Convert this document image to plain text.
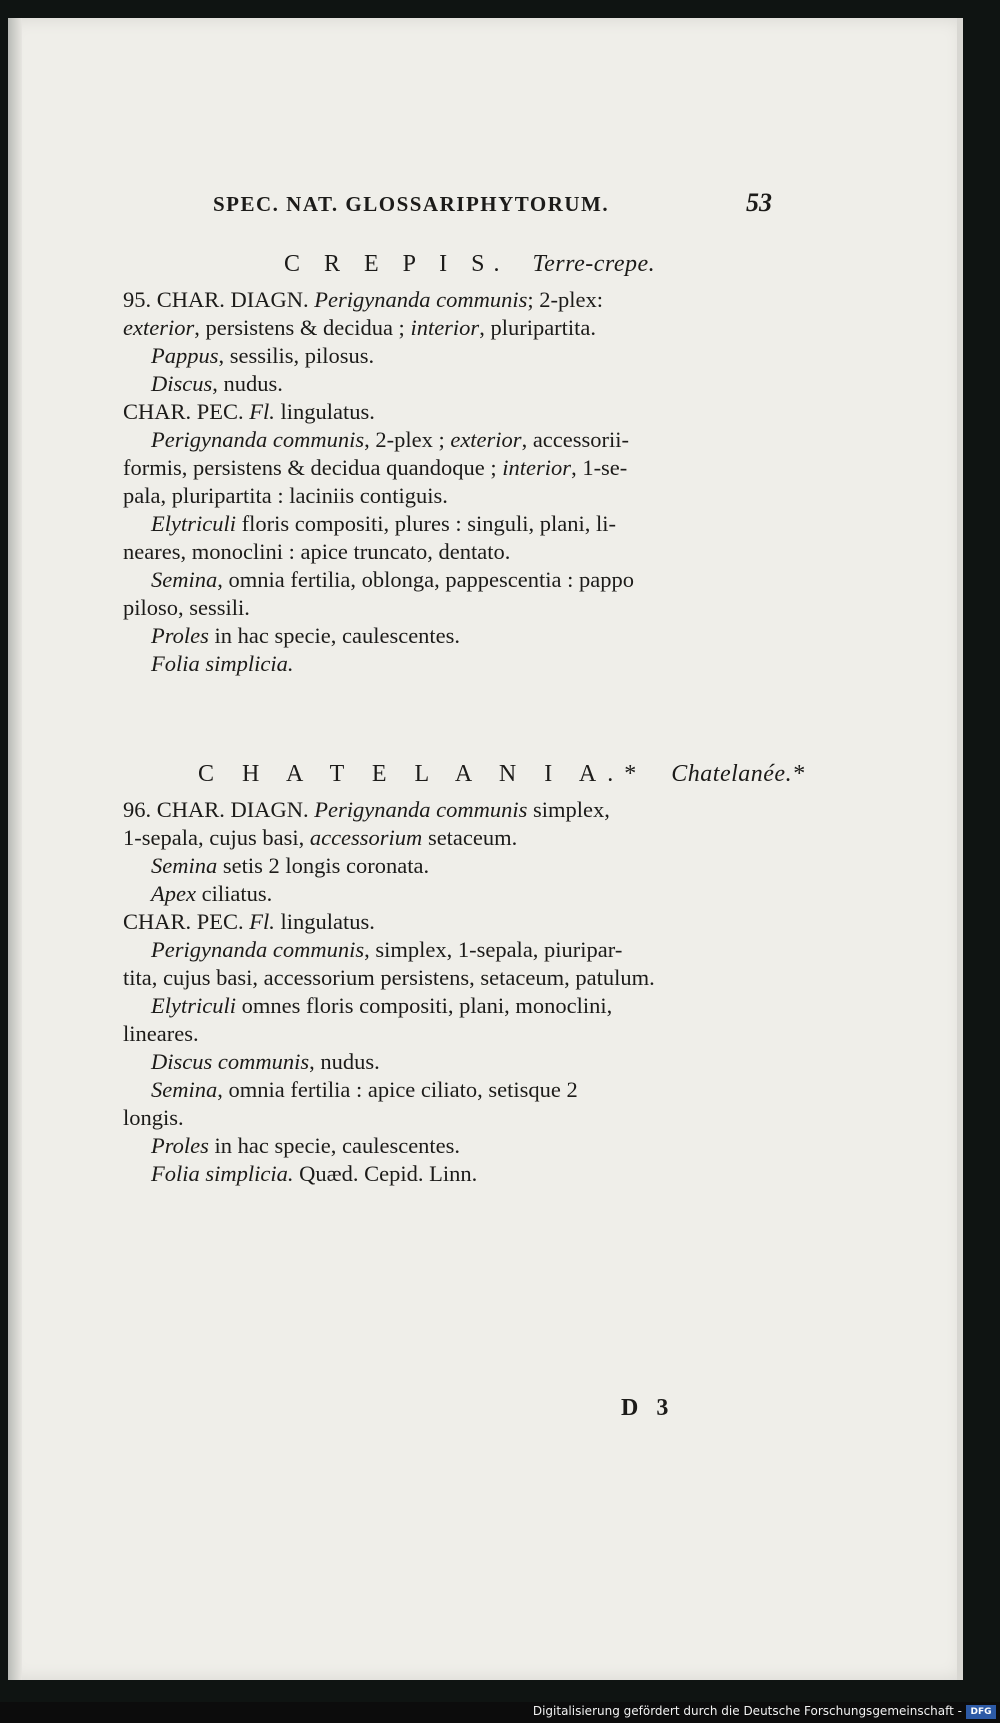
SPEC. NAT. GLOSSARIPHYTORUM.	53
C R E P I S. Terre-crepe.
95. CHAR. DIAGN. Perigynanda communis; 2-plex:
exterior, persistens & decidua ; interior, pluripartita.
Pappus, sessilis, pilosus.
Discus, nudus.
CHAR. PEC. Fl. lingulatus.
Perigynanda communis, 2-plex ; exterior, accessorii-
formis, persistens & decidua quandoque ; interior, 1-se-
pala, pluripartita : laciniis contiguis.
Elytriculi floris compositi, plures : singuli, plani, li-
neares, monoclini : apice truncato, dentato.
Semina, omnia fertilia, oblonga, pappescentia : pappo
piloso, sessili.
Proles in hac specie, caulescentes.
Folia simplicia.
C H A T E L A N I A.* Chatelanée.*
96. CHAR. DIAGN. Perigynanda communis simplex,
1-sepala, cujus basi, accessorium setaceum.
Semina setis 2 longis coronata.
Apex ciliatus.
CHAR. PEC. Fl. lingulatus.
Perigynanda communis, simplex, 1-sepala, piuripar-
tita, cujus basi, accessorium persistens, setaceum, patulum.
Elytriculi omnes floris compositi, plani, monoclini,
lineares.
Discus communis, nudus.
Semina, omnia fertilia : apice ciliato, setisque 2
longis.
Proles in hac specie, caulescentes.
Folia simplicia. Quæd. Cepid. Linn.
D 3
Digitalisierung gefördert durch die Deutsche Forschungsgemeinschaft - DFG
